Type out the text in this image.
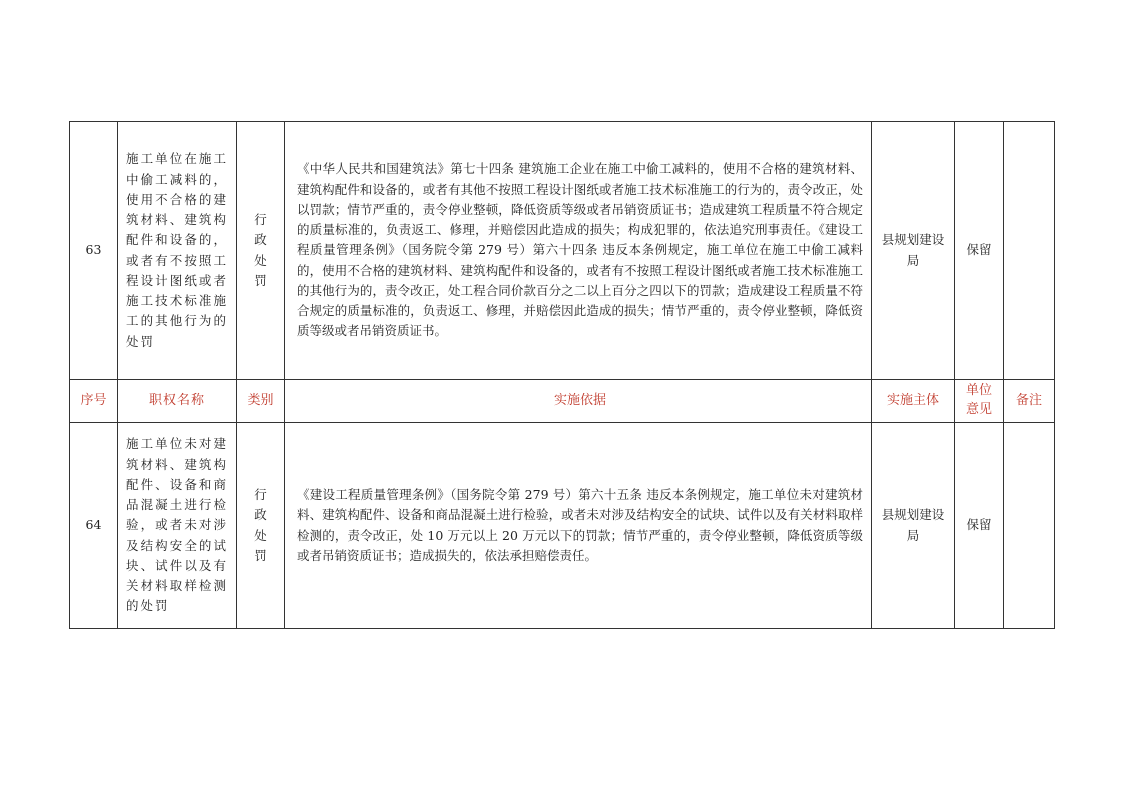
63	施工单位在施工中偷工减料的，使用不合格的建筑材料、建筑构配件和设备的，或者有不按照工程设计图纸或者施工技术标准施工的其他行为的处罚	行政处罚	《中华人民共和国建筑法》第七十四条 建筑施工企业在施工中偷工减料的，使用不合格的建筑材料、建筑构配件和设备的，或者有其他不按照工程设计图纸或者施工技术标准施工的行为的，责令改正，处以罚款；情节严重的，责令停业整顿，降低资质等级或者吊销资质证书；造成建筑工程质量不符合规定的质量标准的，负责返工、修理，并赔偿因此造成的损失；构成犯罪的，依法追究刑事责任。《建设工程质量管理条例》（国务院令第 279 号）第六十四条 违反本条例规定，施工单位在施工中偷工减料的，使用不合格的建筑材料、建筑构配件和设备的，或者有不按照工程设计图纸或者施工技术标准施工的其他行为的，责令改正，处工程合同价款百分之二以上百分之四以下的罚款；造成建设工程质量不符合规定的质量标准的，负责返工、修理，并赔偿因此造成的损失；情节严重的，责令停业整顿，降低资质等级或者吊销资质证书。	县规划建设局	保留	
序号	职权名称	类别	实施依据	实施主体	单位意见	备注
64	施工单位未对建筑材料、建筑构配件、设备和商品混凝土进行检验，或者未对涉及结构安全的试块、试件以及有关材料取样检测的处罚	行政处罚	《建设工程质量管理条例》（国务院令第 279 号）第六十五条 违反本条例规定，施工单位未对建筑材料、建筑构配件、设备和商品混凝土进行检验，或者未对涉及结构安全的试块、试件以及有关材料取样检测的，责令改正，处 10 万元以上 20 万元以下的罚款；情节严重的，责令停业整顿，降低资质等级或者吊销资质证书；造成损失的，依法承担赔偿责任。	县规划建设局	保留	
